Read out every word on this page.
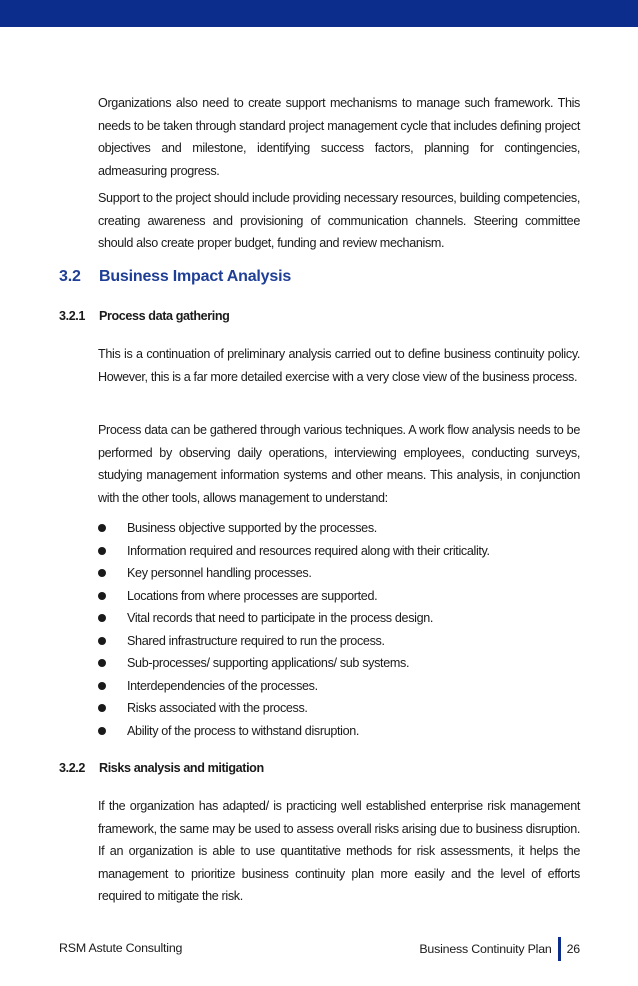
Organizations also need to create support mechanisms to manage such framework. This needs to be taken through standard project management cycle that includes defining project objectives and milestone, identifying success factors, planning for contingencies, admeasuring progress.

Support to the project should include providing necessary resources, building competencies, creating awareness and provisioning of communication channels. Steering committee should also create proper budget, funding and review mechanism.

3.2 Business Impact Analysis
3.2.1 Process data gathering

This is a continuation of preliminary analysis carried out to define business continuity policy. However, this is a far more detailed exercise with a very close view of the business process.

Process data can be gathered through various techniques. A work flow analysis needs to be performed by observing daily operations, interviewing employees, conducting surveys, studying management information systems and other means. This analysis, in conjunction with the other tools, allows management to understand:

Business objective supported by the processes.
Information required and resources required along with their criticality.
Key personnel handling processes.
Locations from where processes are supported.
Vital records that need to participate in the process design.
Shared infrastructure required to run the process.
Sub-processes/ supporting applications/ sub systems.
Interdependencies of the processes.
Risks associated with the process.
Ability of the process to withstand disruption.
3.2.2 Risks analysis and mitigation

If the organization has adapted/ is practicing well established enterprise risk management framework, the same may be used to assess overall risks arising due to business disruption. If an organization is able to use quantitative methods for risk assessments, it helps the management to prioritize business continuity plan more easily and the level of efforts required to mitigate the risk.

RSM Astute Consulting	Business Continuity Plan 26
